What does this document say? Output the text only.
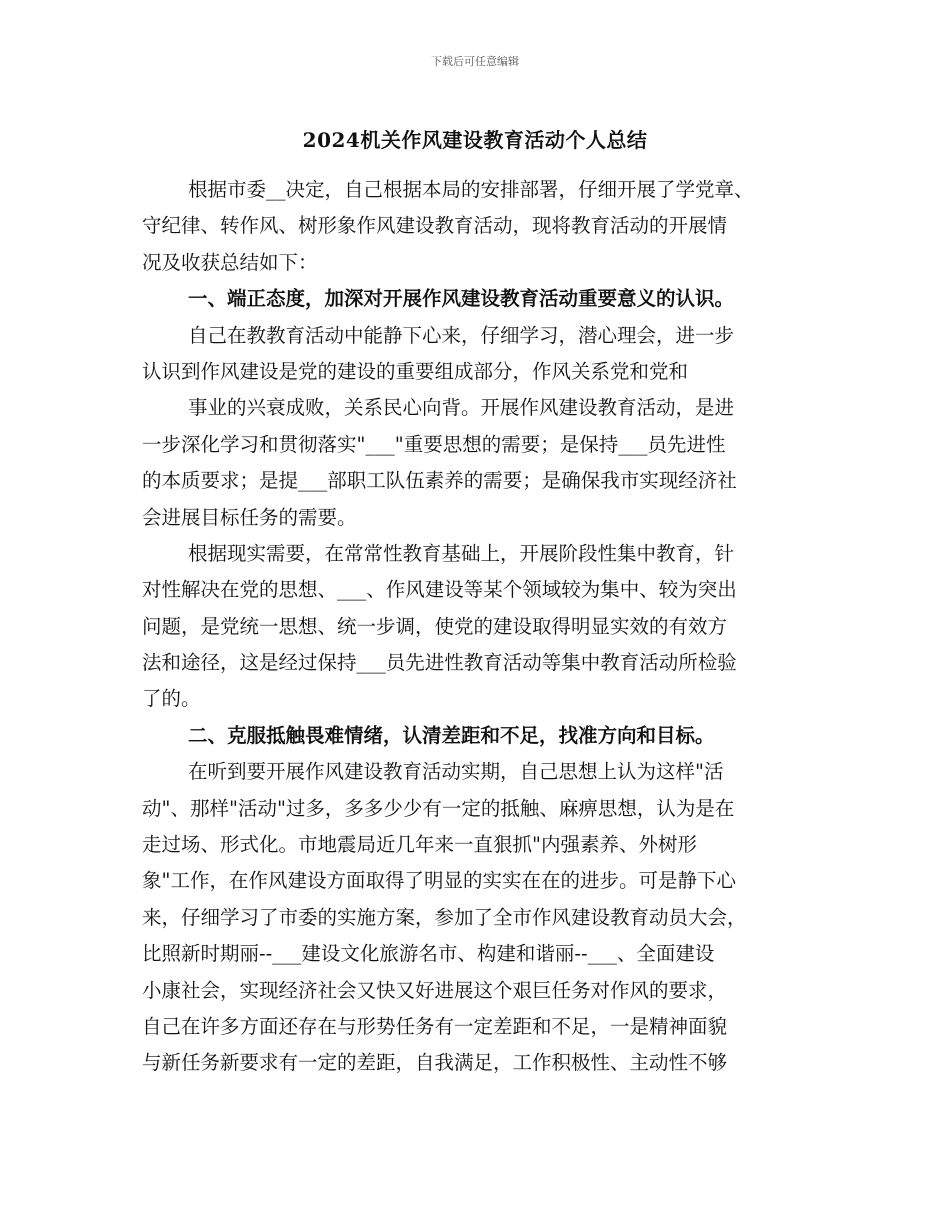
下载后可任意编辑
2024机关作风建设教育活动个人总结
根据市委__决定，自己根据本局的安排部署，仔细开展了学党章、
守纪律、转作风、树形象作风建设教育活动，现将教育活动的开展情
况及收获总结如下：
一、端正态度，加深对开展作风建设教育活动重要意义的认识。
自己在教教育活动中能静下心来，仔细学习，潜心理会，进一步
认识到作风建设是党的建设的重要组成部分，作风关系党和党和
事业的兴衰成败，关系民心向背。开展作风建设教育活动，是进
一步深化学习和贯彻落实"___"重要思想的需要；是保持___员先进性
的本质要求；是提___部职工队伍素养的需要；是确保我市实现经济社
会进展目标任务的需要。
根据现实需要，在常常性教育基础上，开展阶段性集中教育，针
对性解决在党的思想、___、作风建设等某个领域较为集中、较为突出
问题，是党统一思想、统一步调，使党的建设取得明显实效的有效方
法和途径，这是经过保持___员先进性教育活动等集中教育活动所检验
了的。
二、克服抵触畏难情绪，认清差距和不足，找准方向和目标。
在听到要开展作风建设教育活动实期，自己思想上认为这样"活
动"、那样"活动"过多，多多少少有一定的抵触、麻痹思想，认为是在
走过场、形式化。市地震局近几年来一直狠抓"内强素养、外树形
象"工作，在作风建设方面取得了明显的实实在在的进步。可是静下心
来，仔细学习了市委的实施方案，参加了全市作风建设教育动员大会，
比照新时期丽--___建设文化旅游名市、构建和谐丽--___、全面建设
小康社会，实现经济社会又快又好进展这个艰巨任务对作风的要求，
自己在许多方面还存在与形势任务有一定差距和不足，一是精神面貌
与新任务新要求有一定的差距，自我满足，工作积极性、主动性不够
